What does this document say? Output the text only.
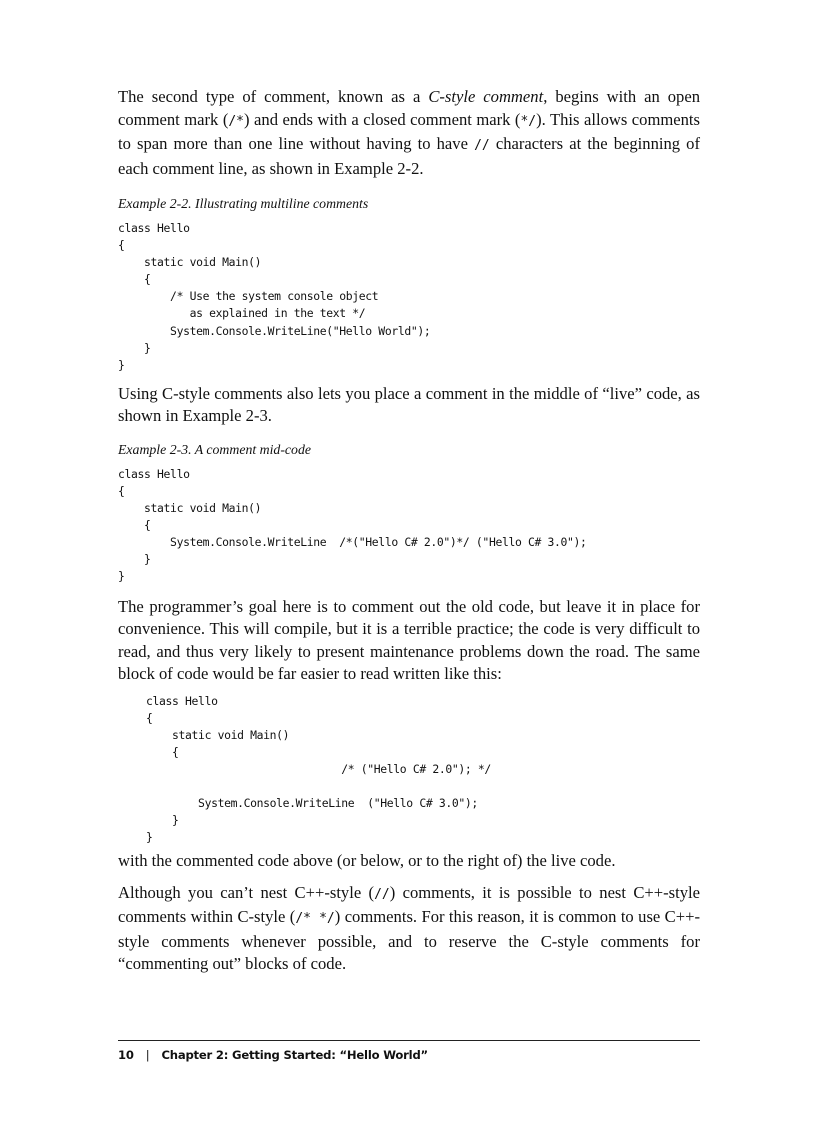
The second type of comment, known as a C-style comment, begins with an open comment mark (/*) and ends with a closed comment mark (*/). This allows comments to span more than one line without having to have // characters at the beginning of each comment line, as shown in Example 2-2.

Example 2-2. Illustrating multiline comments
class Hello
{
static void Main()
{
/* Use the system console object
as explained in the text */
System.Console.WriteLine("Hello World");
}
}

Using C-style comments also lets you place a comment in the middle of “live” code, as shown in Example 2-3.

Example 2-3. A comment mid-code
class Hello
{
static void Main()
{
System.Console.WriteLine  /*("Hello C# 2.0")*/ ("Hello C# 3.0");
}
}

The programmer’s goal here is to comment out the old code, but leave it in place for convenience. This will compile, but it is a terrible practice; the code is very difficult to read, and thus very likely to present maintenance problems down the road. The same block of code would be far easier to read written like this:

class Hello
{
static void Main()
{
/* ("Hello C# 2.0"); */

System.Console.WriteLine  ("Hello C# 3.0");
}
}

with the commented code above (or below, or to the right of) the live code.

Although you can’t nest C++-style (//) comments, it is possible to nest C++-style comments within C-style (/* */) comments. For this reason, it is common to use C++-style comments whenever possible, and to reserve the C-style comments for “commenting out” blocks of code.

10 | Chapter 2: Getting Started: “Hello World”
